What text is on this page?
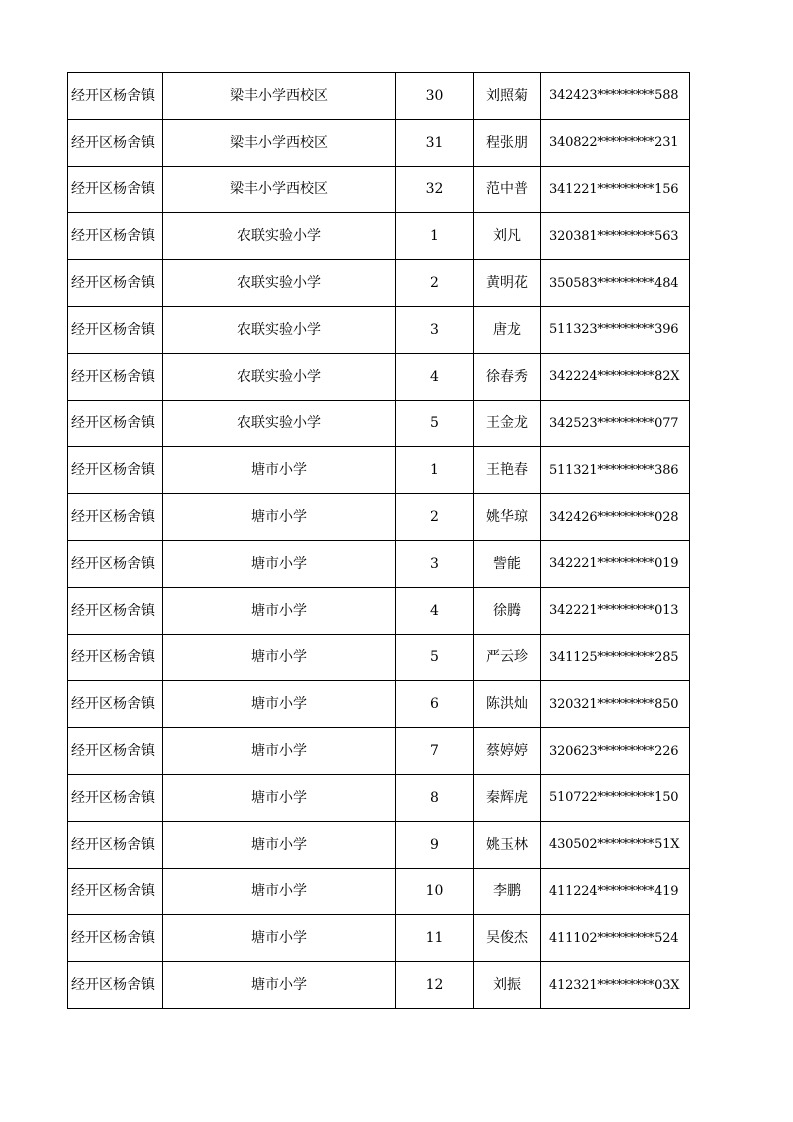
经开区杨舍镇	梁丰小学西校区	30	刘照菊	342423*********588
经开区杨舍镇	梁丰小学西校区	31	程张朋	340822*********231
经开区杨舍镇	梁丰小学西校区	32	范中普	341221*********156
经开区杨舍镇	农联实验小学	1	刘凡	320381*********563
经开区杨舍镇	农联实验小学	2	黄明花	350583*********484
经开区杨舍镇	农联实验小学	3	唐龙	511323*********396
经开区杨舍镇	农联实验小学	4	徐春秀	342224*********82X
经开区杨舍镇	农联实验小学	5	王金龙	342523*********077
经开区杨舍镇	塘市小学	1	王艳春	511321*********386
经开区杨舍镇	塘市小学	2	姚华琼	342426*********028
经开区杨舍镇	塘市小学	3	訾能	342221*********019
经开区杨舍镇	塘市小学	4	徐腾	342221*********013
经开区杨舍镇	塘市小学	5	严云珍	341125*********285
经开区杨舍镇	塘市小学	6	陈洪灿	320321*********850
经开区杨舍镇	塘市小学	7	蔡婷婷	320623*********226
经开区杨舍镇	塘市小学	8	秦辉虎	510722*********150
经开区杨舍镇	塘市小学	9	姚玉林	430502*********51X
经开区杨舍镇	塘市小学	10	李鹏	411224*********419
经开区杨舍镇	塘市小学	11	吴俊杰	411102*********524
经开区杨舍镇	塘市小学	12	刘振	412321*********03X
